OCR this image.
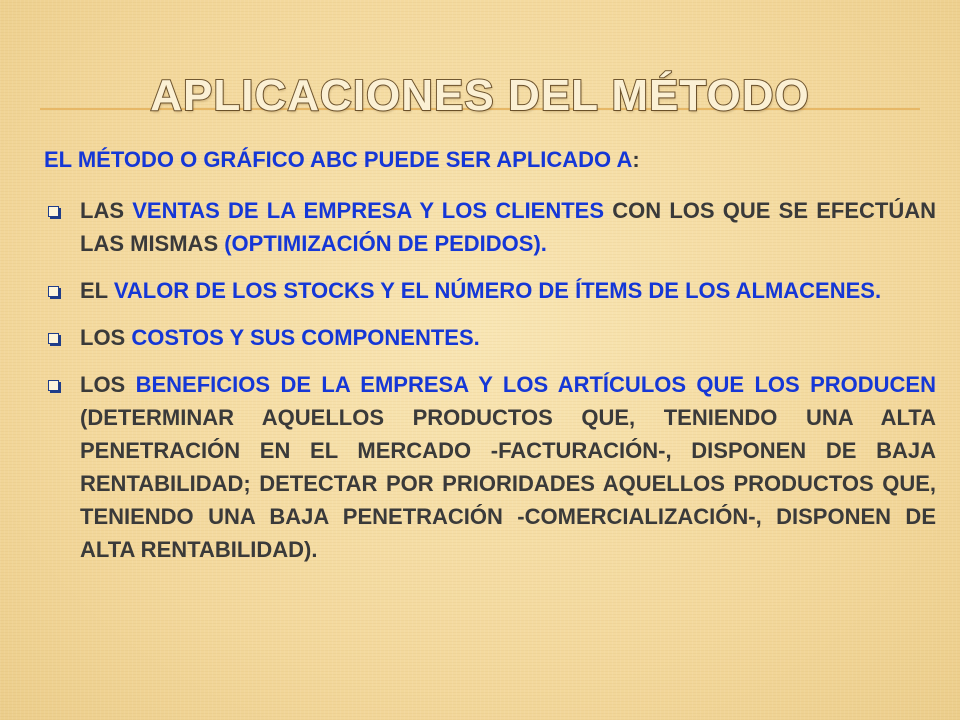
APLICACIONES DEL MÉTODO

EL MÉTODO O GRÁFICO ABC PUEDE SER APLICADO A:

LAS VENTAS DE LA EMPRESA Y LOS CLIENTES CON LOS QUE SE EFECTÚAN LAS MISMAS (OPTIMIZACIÓN DE PEDIDOS).
EL VALOR DE LOS STOCKS Y EL NÚMERO DE ÍTEMS DE LOS ALMACENES.
LOS COSTOS Y SUS COMPONENTES.
LOS BENEFICIOS DE LA EMPRESA Y LOS ARTÍCULOS QUE LOS PRODUCEN (DETERMINAR AQUELLOS PRODUCTOS QUE, TENIENDO UNA ALTA PENETRACIÓN EN EL MERCADO -FACTURACIÓN-, DISPONEN DE BAJA RENTABILIDAD; DETECTAR POR PRIORIDADES AQUELLOS PRODUCTOS QUE, TENIENDO UNA BAJA PENETRACIÓN -COMERCIALIZACIÓN-, DISPONEN DE ALTA RENTABILIDAD).
